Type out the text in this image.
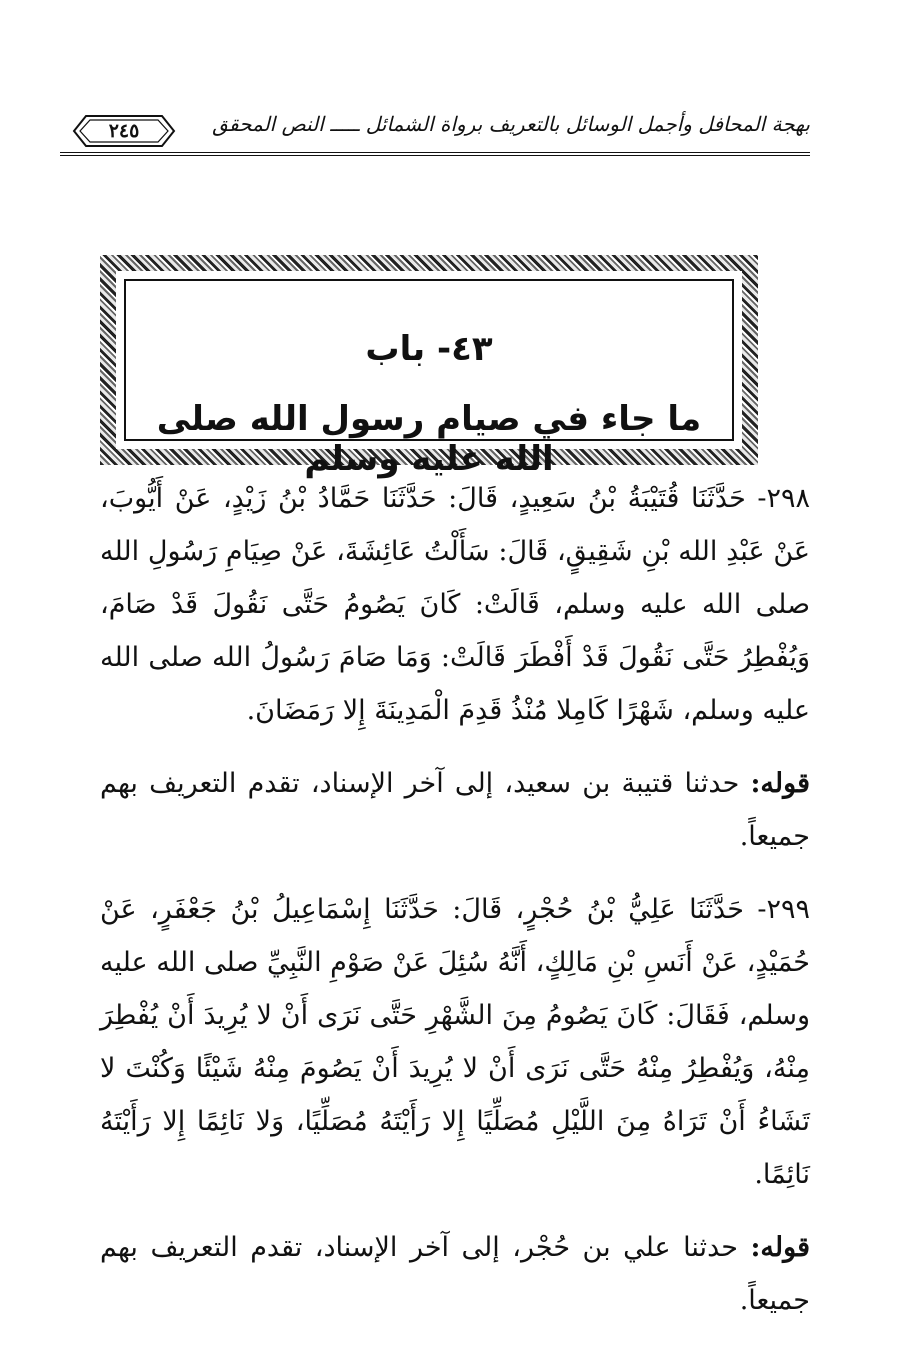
بهجة المحافل وأجمل الوسائل بالتعريف برواة الشمائل ـــــ النص المحقق
٢٤٥
٤٣- باب
ما جاء في صيام رسول الله صلى الله عليه وسلم

٢٩٨- حَدَّثَنَا قُتَيْبَةُ بْنُ سَعِيدٍ، قَالَ: حَدَّثَنَا حَمَّادُ بْنُ زَيْدٍ، عَنْ أَيُّوبَ، عَنْ عَبْدِ الله بْنِ شَقِيقٍ، قَالَ: سَأَلْتُ عَائِشَةَ، عَنْ صِيَامِ رَسُولِ الله صلى الله عليه وسلم، قَالَتْ: كَانَ يَصُومُ حَتَّى نَقُولَ قَدْ صَامَ، وَيُفْطِرُ حَتَّى نَقُولَ قَدْ أَفْطَرَ قَالَتْ: وَمَا صَامَ رَسُولُ الله صلى الله عليه وسلم، شَهْرًا كَامِلا مُنْذُ قَدِمَ الْمَدِينَةَ إِلا رَمَضَانَ.

قوله: حدثنا قتيبة بن سعيد، إلى آخر الإسناد، تقدم التعريف بهم جميعاً.

٢٩٩- حَدَّثَنَا عَلِيُّ بْنُ حُجْرٍ، قَالَ: حَدَّثَنَا إِسْمَاعِيلُ بْنُ جَعْفَرٍ، عَنْ حُمَيْدٍ، عَنْ أَنَسِ بْنِ مَالِكٍ، أَنَّهُ سُئِلَ عَنْ صَوْمِ النَّبِيِّ صلى الله عليه وسلم، فَقَالَ: كَانَ يَصُومُ مِنَ الشَّهْرِ حَتَّى نَرَى أَنْ لا يُرِيدَ أَنْ يُفْطِرَ مِنْهُ، وَيُفْطِرُ مِنْهُ حَتَّى نَرَى أَنْ لا يُرِيدَ أَنْ يَصُومَ مِنْهُ شَيْئًا وَكُنْتَ لا تَشَاءُ أَنْ تَرَاهُ مِنَ اللَّيْلِ مُصَلِّيًا إِلا رَأَيْتَهُ مُصَلِّيًا، وَلا نَائِمًا إِلا رَأَيْتَهُ نَائِمًا.

قوله: حدثنا علي بن حُجْر، إلى آخر الإسناد، تقدم التعريف بهم جميعاً.
